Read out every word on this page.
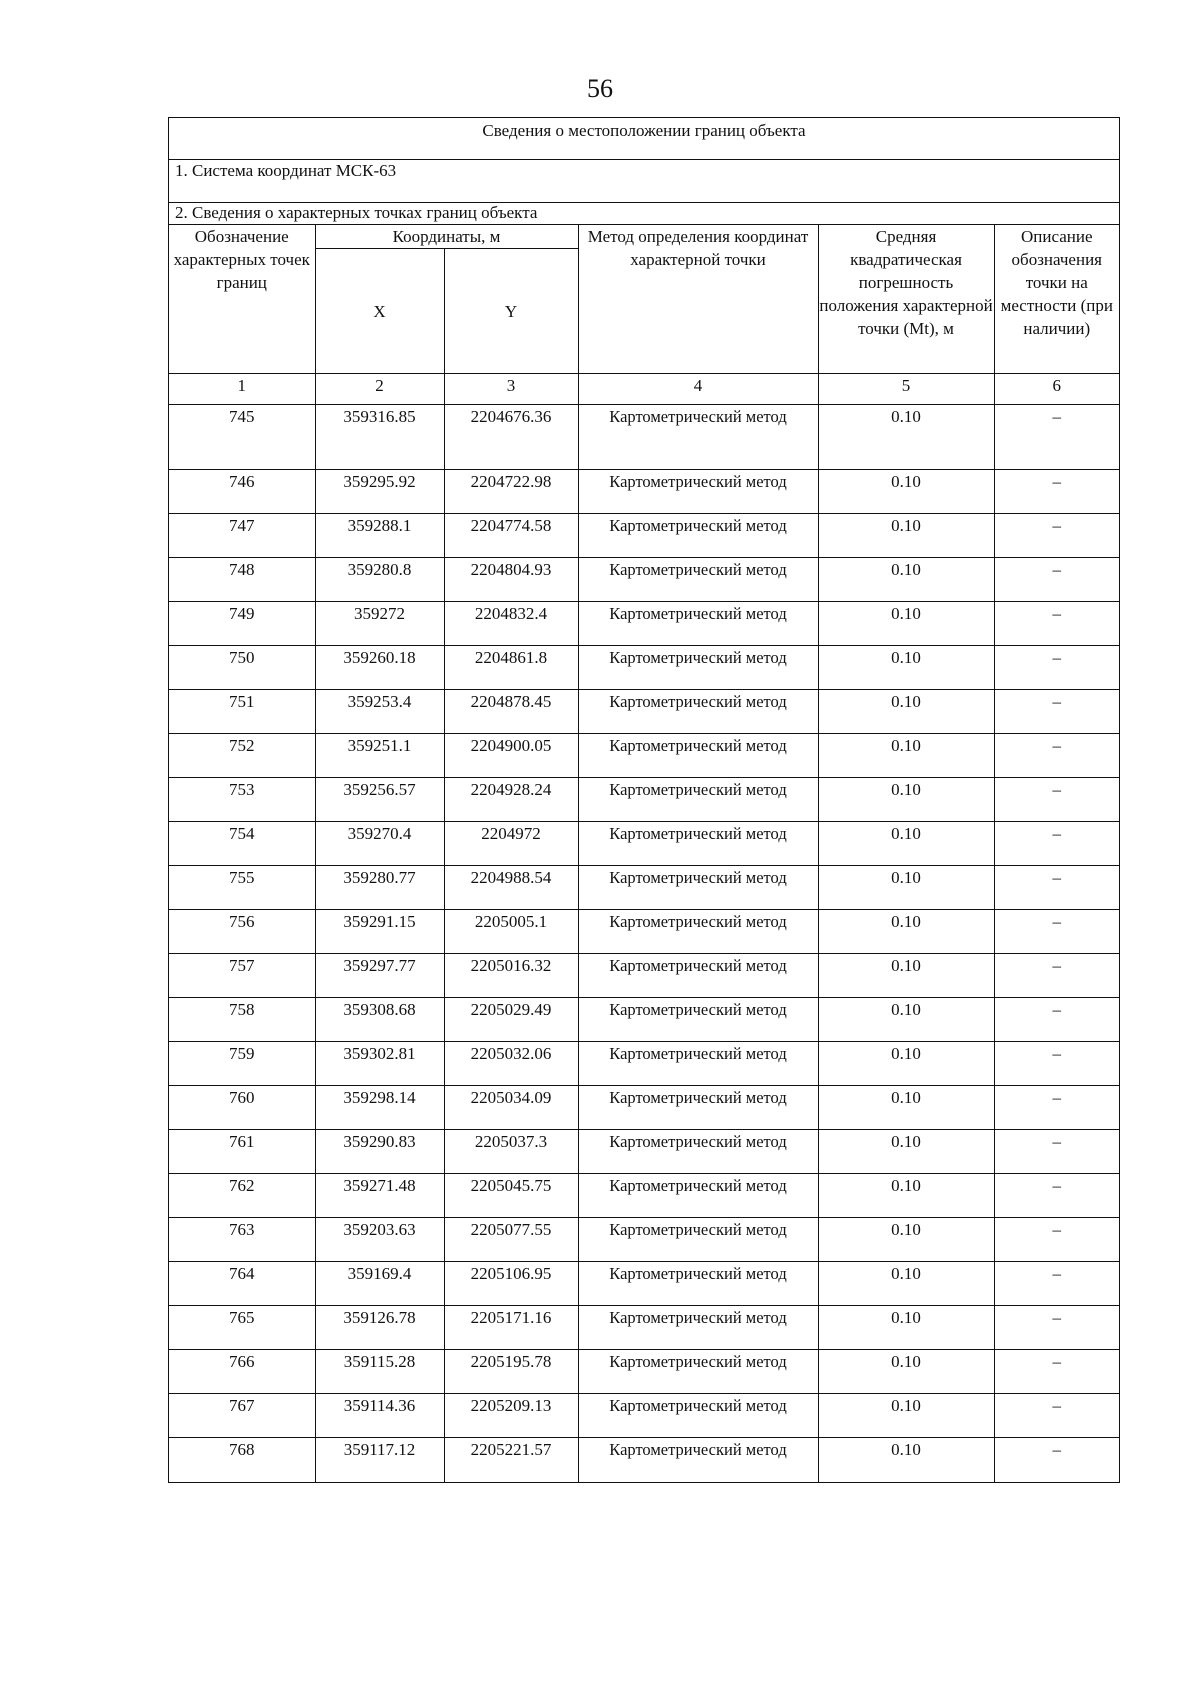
56
Сведения о местоположении границ объекта
1. Система координат МСК-63
2. Сведения о характерных точках границ объекта
Обозначение характерных точек границ	Координаты, м		Метод определения координат характерной точки	Средняя квадратическая погрешность положения характерной точки (Mt), м	Описание обозначения точки на местности (при наличии)
	X	Y			
1	2	3	4	5	6
745	359316.85	2204676.36	Картометрический метод	0.10	–
746	359295.92	2204722.98	Картометрический метод	0.10	–
747	359288.1	2204774.58	Картометрический метод	0.10	–
748	359280.8	2204804.93	Картометрический метод	0.10	–
749	359272	2204832.4	Картометрический метод	0.10	–
750	359260.18	2204861.8	Картометрический метод	0.10	–
751	359253.4	2204878.45	Картометрический метод	0.10	–
752	359251.1	2204900.05	Картометрический метод	0.10	–
753	359256.57	2204928.24	Картометрический метод	0.10	–
754	359270.4	2204972	Картометрический метод	0.10	–
755	359280.77	2204988.54	Картометрический метод	0.10	–
756	359291.15	2205005.1	Картометрический метод	0.10	–
757	359297.77	2205016.32	Картометрический метод	0.10	–
758	359308.68	2205029.49	Картометрический метод	0.10	–
759	359302.81	2205032.06	Картометрический метод	0.10	–
760	359298.14	2205034.09	Картометрический метод	0.10	–
761	359290.83	2205037.3	Картометрический метод	0.10	–
762	359271.48	2205045.75	Картометрический метод	0.10	–
763	359203.63	2205077.55	Картометрический метод	0.10	–
764	359169.4	2205106.95	Картометрический метод	0.10	–
765	359126.78	2205171.16	Картометрический метод	0.10	–
766	359115.28	2205195.78	Картометрический метод	0.10	–
767	359114.36	2205209.13	Картометрический метод	0.10	–
768	359117.12	2205221.57	Картометрический метод	0.10	–
